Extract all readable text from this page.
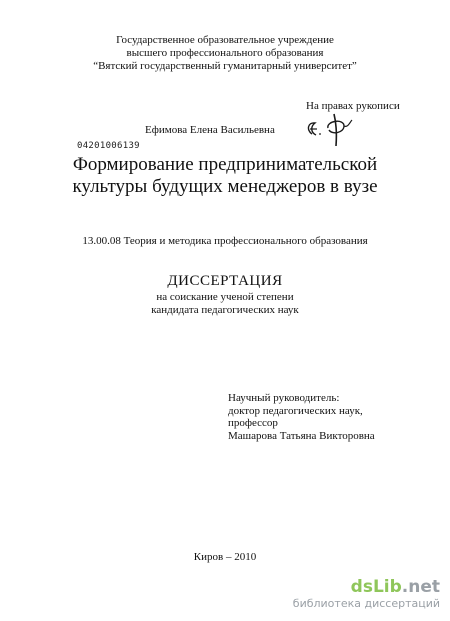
Государственное образовательное учреждение
высшего профессионального образования
“Вятский государственный гуманитарный университет”
На правах рукописи
Ефимова Елена Васильевна
04201006139
Формирование предпринимательской
культуры будущих менеджеров в вузе
13.00.08 Теория и методика профессионального образования
ДИССЕРТАЦИЯ
на соискание ученой степени
кандидата педагогических наук
Научный руководитель:
доктор педагогических наук,
профессор
Машарова Татьяна Викторовна
Киров – 2010
dsLib.net
библиотека диссертаций
